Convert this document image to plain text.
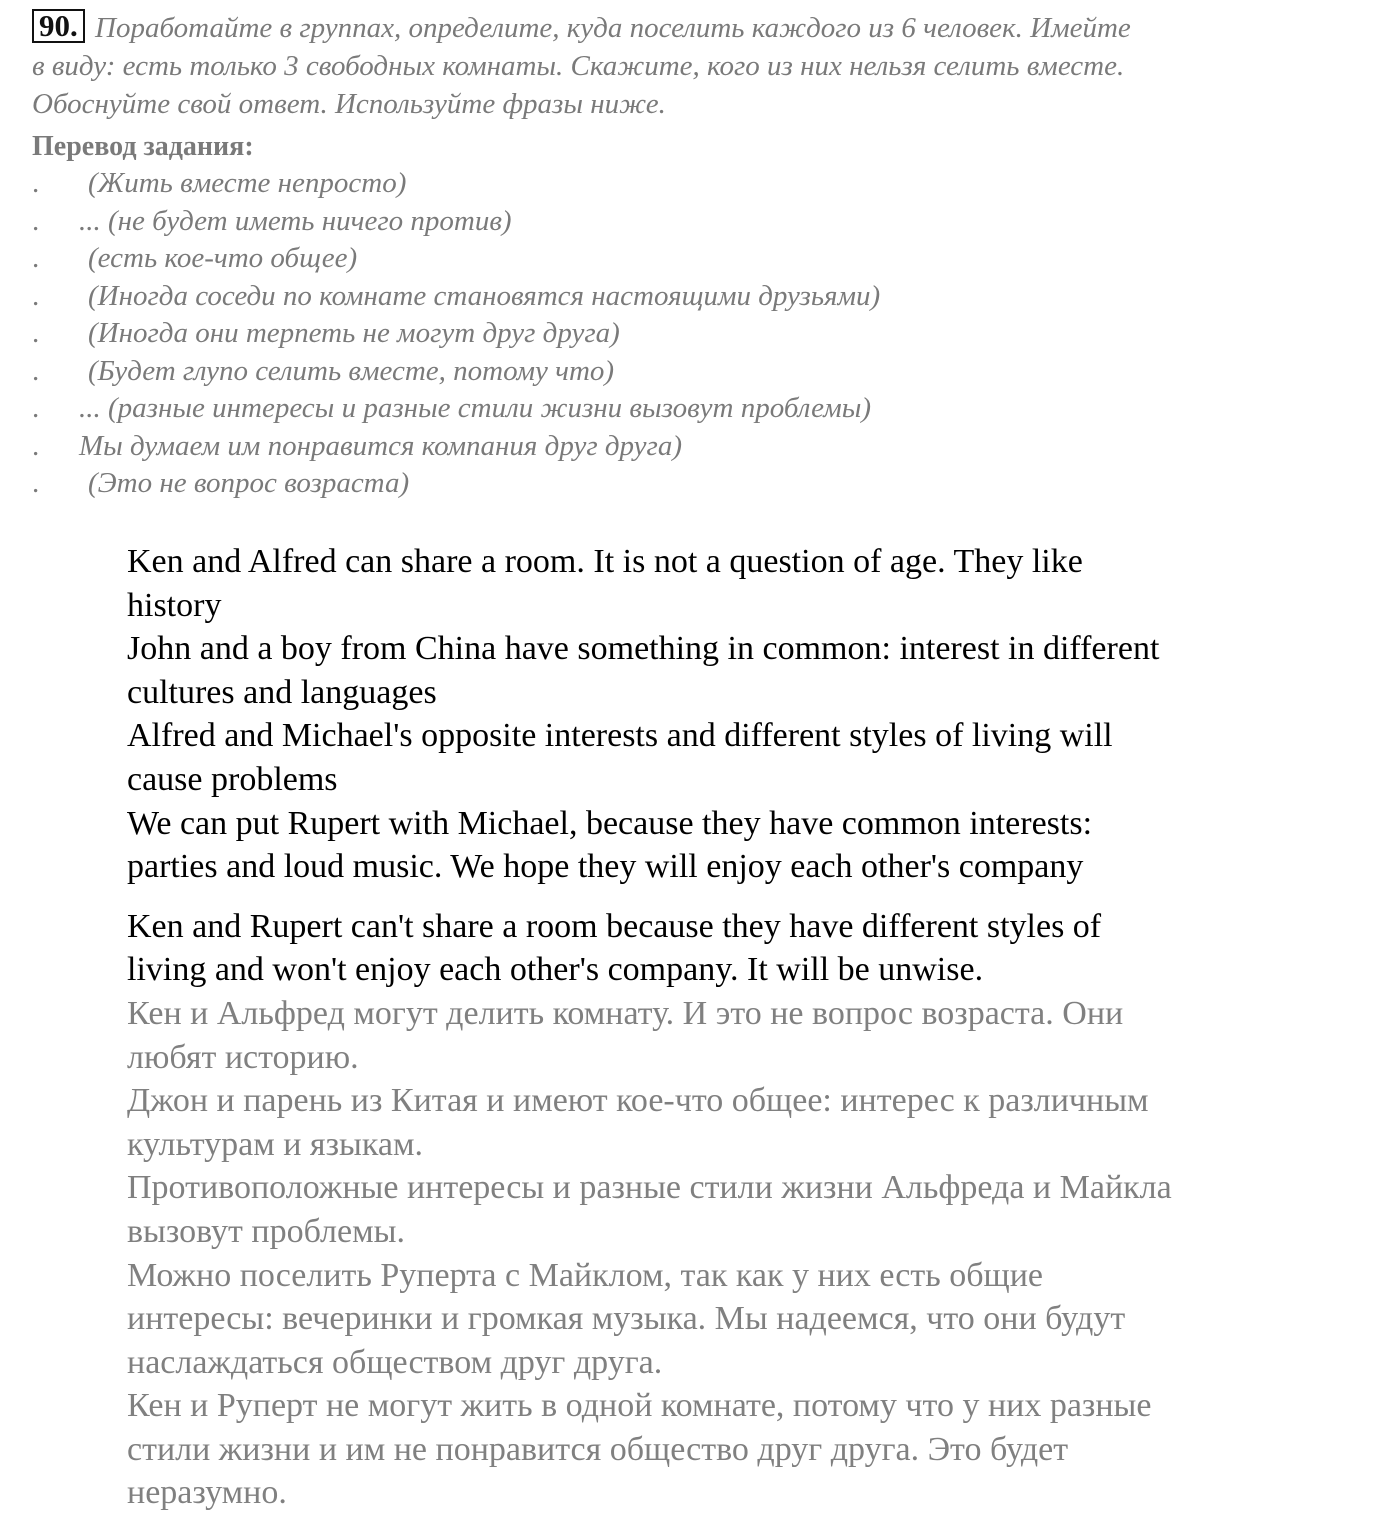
90. Поработайте в группах, определите, куда поселить каждого из 6 человек. Имейте
в виду: есть только 3 свободных комнаты. Скажите, кого из них нельзя селить вместе.
Обоснуйте свой ответ. Используйте фразы ниже.
Перевод задания:
. (Жить вместе непросто)
. ... (не будет иметь ничего против)
. (есть кое-что общее)
. (Иногда соседи по комнате становятся настоящими друзьями)
. (Иногда они терпеть не могут друг друга)
. (Будет глупо селить вместе, потому что)
. ... (разные интересы и разные стили жизни вызовут проблемы)
. Мы думаем им понравится компания друг друга)
. (Это не вопрос возраста)

Ken and Alfred can share a room. It is not a question of age. They like
history

John and a boy from China have something in common: interest in different
cultures and languages

Alfred and Michael's opposite interests and different styles of living will
cause problems

We can put Rupert with Michael, because they have common interests:
parties and loud music. We hope they will enjoy each other's company

Ken and Rupert can't share a room because they have different styles of
living and won't enjoy each other's company. It will be unwise.

Кен и Альфред могут делить комнату. И это не вопрос возраста. Они
любят историю.

Джон и парень из Китая и имеют кое-что общее: интерес к различным
культурам и языкам.

Противоположные интересы и разные стили жизни Альфреда и Майкла
вызовут проблемы.

Можно поселить Руперта с Майклом, так как у них есть общие
интересы: вечеринки и громкая музыка. Мы надеемся, что они будут
наслаждаться обществом друг друга.

Кен и Руперт не могут жить в одной комнате, потому что у них разные
стили жизни и им не понравится общество друг друга. Это будет
неразумно.
